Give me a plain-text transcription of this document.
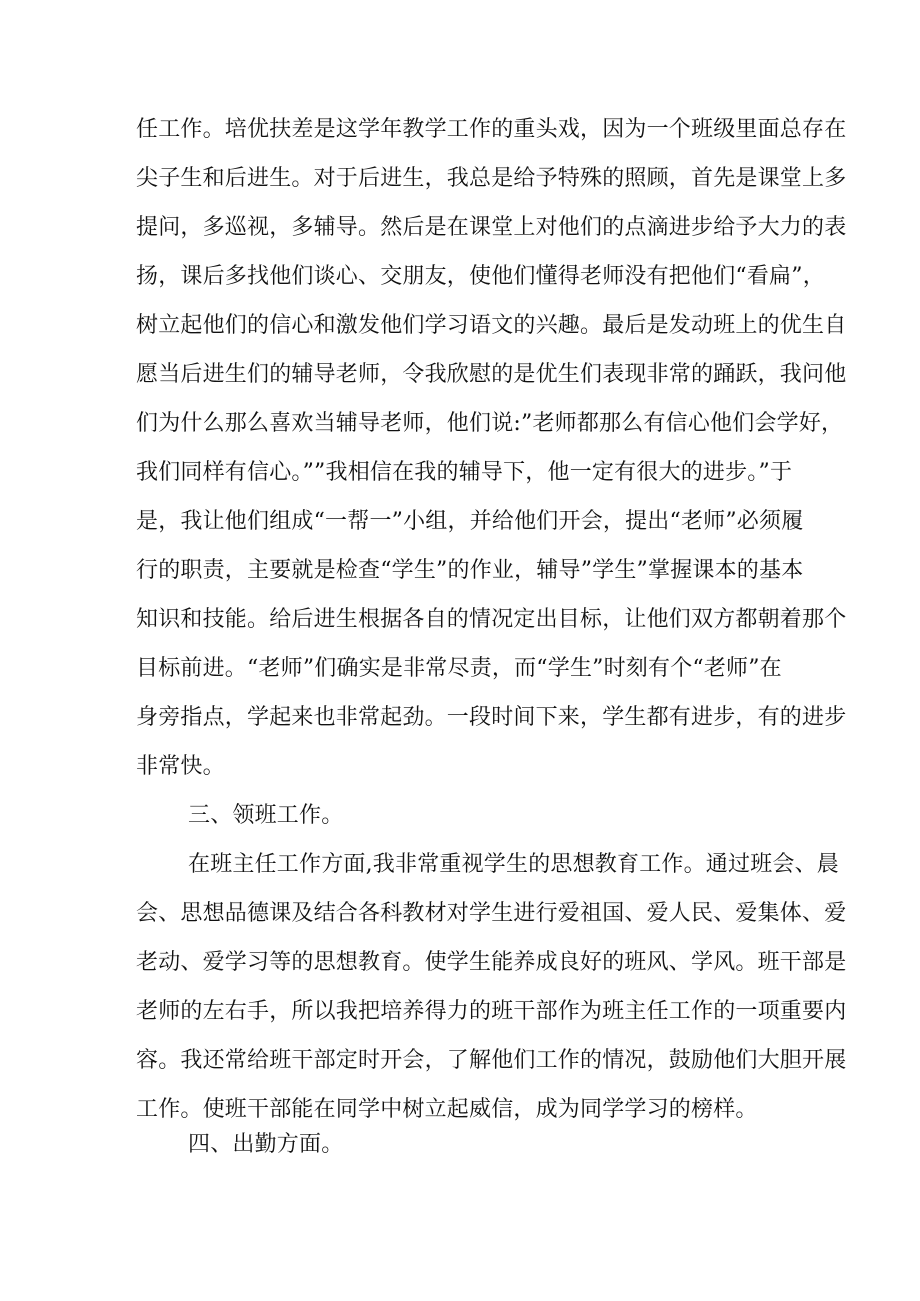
任工作。培优扶差是这学年教学工作的重头戏，因为一个班级里面总存在
尖子生和后进生。对于后进生，我总是给予特殊的照顾，首先是课堂上多
提问，多巡视，多辅导。然后是在课堂上对他们的点滴进步给予大力的表
扬，课后多找他们谈心、交朋友，使他们懂得老师没有把他们“看扁”，
树立起他们的信心和激发他们学习语文的兴趣。最后是发动班上的优生自
愿当后进生们的辅导老师，令我欣慰的是优生们表现非常的踊跃，我问他
们为什么那么喜欢当辅导老师，他们说:”老师都那么有信心他们会学好，
我们同样有信心。””我相信在我的辅导下，他一定有很大的进步。”于
是，我让他们组成“一帮一”小组，并给他们开会，提出“老师”必须履
行的职责，主要就是检查“学生”的作业，辅导”学生”掌握课本的基本
知识和技能。给后进生根据各自的情况定出目标，让他们双方都朝着那个
目标前进。“老师”们确实是非常尽责，而“学生”时刻有个“老师”在
身旁指点，学起来也非常起劲。一段时间下来，学生都有进步，有的进步
非常快。
三、领班工作。
在班主任工作方面,我非常重视学生的思想教育工作。通过班会、晨
会、思想品德课及结合各科教材对学生进行爱祖国、爱人民、爱集体、爱
老动、爱学习等的思想教育。使学生能养成良好的班风、学风。班干部是
老师的左右手，所以我把培养得力的班干部作为班主任工作的一项重要内
容。我还常给班干部定时开会，了解他们工作的情况，鼓励他们大胆开展
工作。使班干部能在同学中树立起威信，成为同学学习的榜样。
四、出勤方面。
